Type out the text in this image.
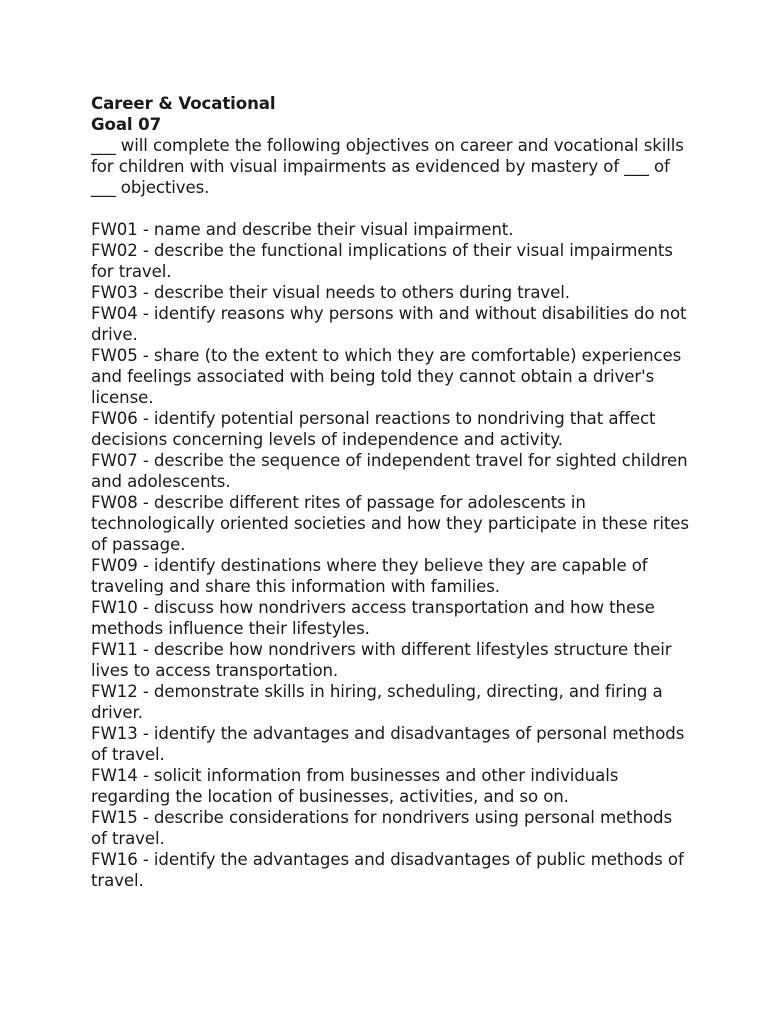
Career & Vocational
Goal 07
___ will complete the following objectives on career and vocational skills for children with visual impairments as evidenced by mastery of ___ of ___ objectives.
FW01 - name and describe their visual impairment.
FW02 - describe the functional implications of their visual impairments for travel.
FW03 - describe their visual needs to others during travel.
FW04 - identify reasons why persons with and without disabilities do not drive.
FW05 - share (to the extent to which they are comfortable) experiences and feelings associated with being told they cannot obtain a driver's license.
FW06 - identify potential personal reactions to nondriving that affect decisions concerning levels of independence and activity.
FW07 - describe the sequence of independent travel for sighted children and adolescents.
FW08 - describe different rites of passage for adolescents in technologically oriented societies and how they participate in these rites of passage.
FW09 - identify destinations where they believe they are capable of traveling and share this information with families.
FW10 - discuss how nondrivers access transportation and how these methods influence their lifestyles.
FW11 - describe how nondrivers with different lifestyles structure their lives to access transportation.
FW12 - demonstrate skills in hiring, scheduling, directing, and firing a driver.
FW13 - identify the advantages and disadvantages of personal methods of travel.
FW14 - solicit information from businesses and other individuals regarding the location of businesses, activities, and so on.
FW15 - describe considerations for nondrivers using personal methods of travel.
FW16 - identify the advantages and disadvantages of public methods of travel.
